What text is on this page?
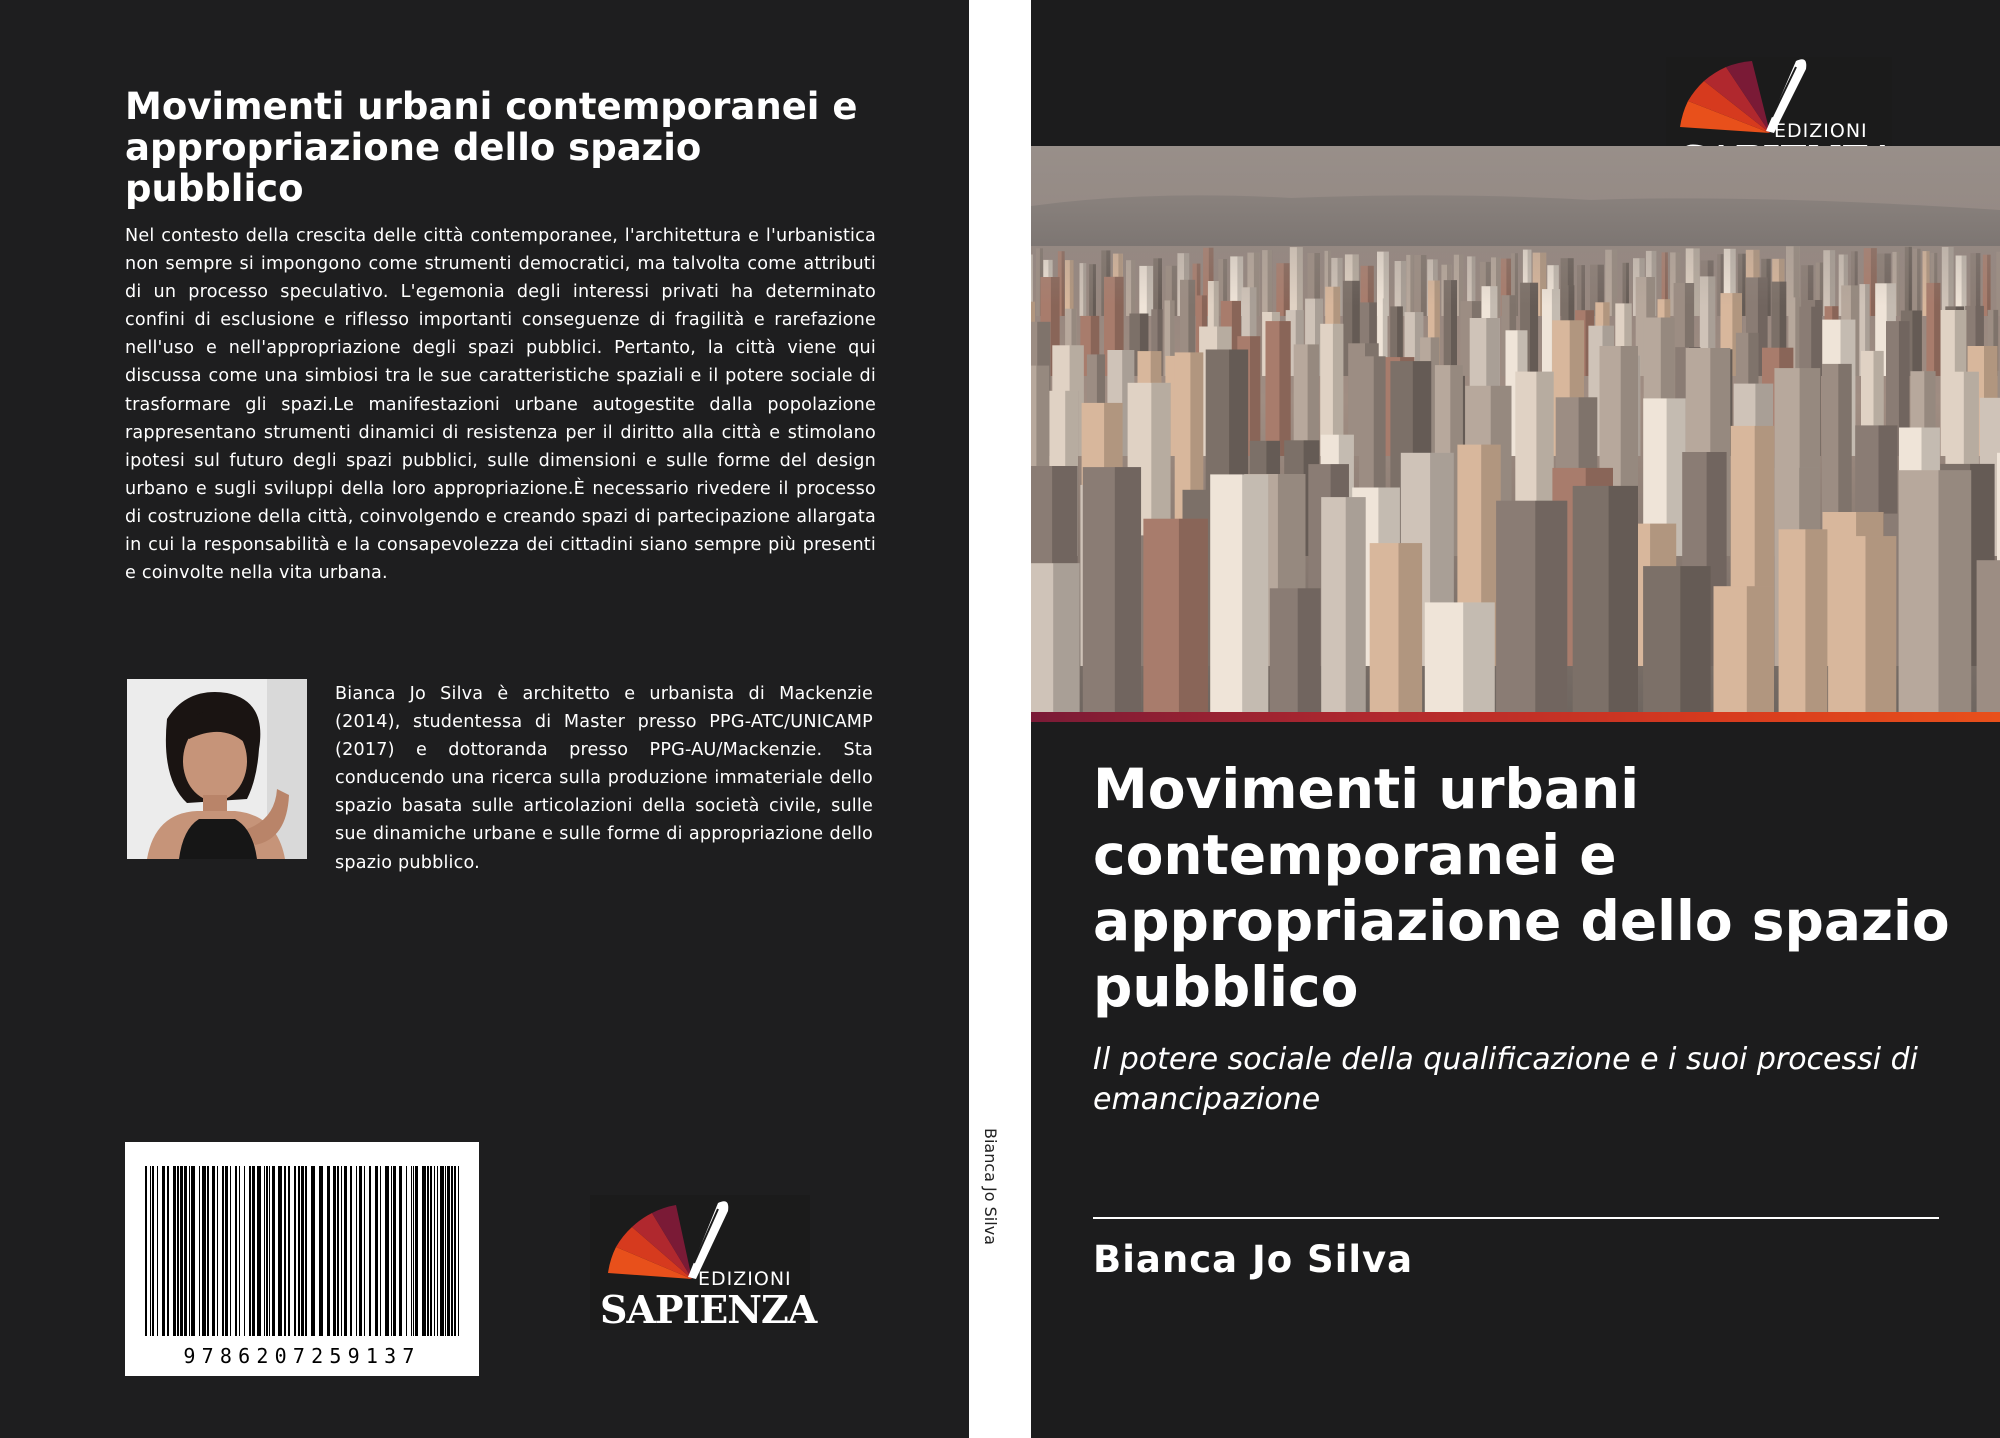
Movimenti urbani contemporanei e appropriazione dello spazio pubblico

Nel contesto della crescita delle città contemporanee, l'architettura e l'urbanistica non sempre si impongono come strumenti democratici, ma talvolta come attributi di un processo speculativo. L'egemonia degli interessi privati ha determinato confini di esclusione e riflesso importanti conseguenze di fragilità e rarefazione nell'uso e nell'appropriazione degli spazi pubblici. Pertanto, la città viene qui discussa come una simbiosi tra le sue caratteristiche spaziali e il potere sociale di trasformare gli spazi.Le manifestazioni urbane autogestite dalla popolazione rappresentano strumenti dinamici di resistenza per il diritto alla città e stimolano ipotesi sul futuro degli spazi pubblici, sulle dimensioni e sulle forme del design urbano e sugli sviluppi della loro appropriazione.È necessario rivedere il processo di costruzione della città, coinvolgendo e creando spazi di partecipazione allargata in cui la responsabilità e la consapevolezza dei cittadini siano sempre più presenti e coinvolte nella vita urbana.

Bianca Jo Silva è architetto e urbanista di Mackenzie (2014), studentessa di Master presso PPG-ATC/UNICAMP (2017) e dottoranda presso PPG-AU/Mackenzie. Sta conducendo una ricerca sulla produzione immateriale dello spazio basata sulle articolazioni della società civile, sulle sue dinamiche urbane e sulle forme di appropriazione dello spazio pubblico.

9786207259137

EDIZIONI
SAPIENZA
Bianca Jo Silva
EDIZIONI
Movimenti urbani contemporanei e appropriazione dello spazio pubblico

Il potere sociale della qualificazione e i suoi processi di emancipazione

Bianca Jo Silva
